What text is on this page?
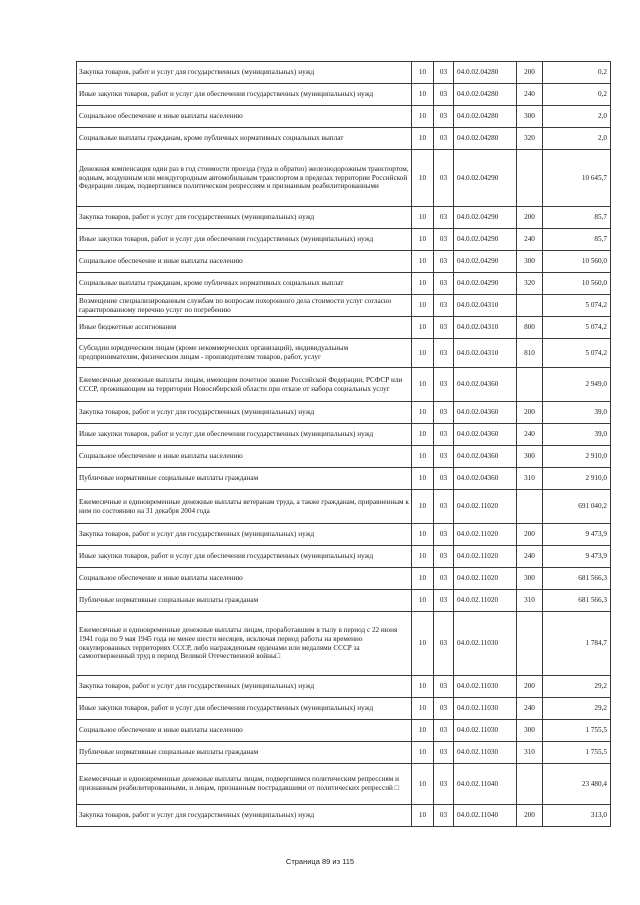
Закупка товаров, работ и услуг для государственных (муниципальных) нужд	10	03	04.0.02.04280	200	0,2
Иные закупки товаров, работ и услуг для обеспечения государственных (муниципальных) нужд	10	03	04.0.02.04280	240	0,2
Социальное обеспечение и иные выплаты населению	10	03	04.0.02.04280	300	2,0
Социальные выплаты гражданам, кроме публичных нормативных социальных выплат	10	03	04.0.02.04280	320	2,0
Денежная компенсация один раз в год стоимости проезда (туда и обратно) железнодорожным транспортом, водным, воздушным или междугородным автомобильным транспортом в пределах территории Российской Федерации лицам, подвергшимся политическим репрессиям и признанным реабилитированными	10	03	04.0.02.04290		10 645,7
Закупка товаров, работ и услуг для государственных (муниципальных) нужд	10	03	04.0.02.04290	200	85,7
Иные закупки товаров, работ и услуг для обеспечения государственных (муниципальных) нужд	10	03	04.0.02.04290	240	85,7
Социальное обеспечение и иные выплаты населению	10	03	04.0.02.04290	300	10 560,0
Социальные выплаты гражданам, кроме публичных нормативных социальных выплат	10	03	04.0.02.04290	320	10 560,0
Возмещение специализированным службам по вопросам похоронного дела стоимости услуг согласно гарантированному перечню услуг по погребению	10	03	04.0.02.04310		5 074,2
Иные бюджетные ассигнования	10	03	04.0.02.04310	800	5 074,2
Субсидии юридическим лицам (кроме некоммерческих организаций), индивидуальным предпринимателям, физическим лицам - производителям товаров, работ, услуг	10	03	04.0.02.04310	810	5 074,2
Ежемесячные денежные выплаты лицам, имеющим почетное звание Российской Федерации, РСФСР или СССР, проживающим на территории Новосибирской области при отказе от набора социальных услуг	10	03	04.0.02.04360		2 949,0
Закупка товаров, работ и услуг для государственных (муниципальных) нужд	10	03	04.0.02.04360	200	39,0
Иные закупки товаров, работ и услуг для обеспечения государственных (муниципальных) нужд	10	03	04.0.02.04360	240	39,0
Социальное обеспечение и иные выплаты населению	10	03	04.0.02.04360	300	2 910,0
Публичные нормативные социальные выплаты гражданам	10	03	04.0.02.04360	310	2 910,0
Ежемесячные и единовременные денежные выплаты ветеранам труда, а также гражданам, приравненным к ним по состоянию на 31 декабря 2004 года	10	03	04.0.02.11020		691 040,2
Закупка товаров, работ и услуг для государственных (муниципальных) нужд	10	03	04.0.02.11020	200	9 473,9
Иные закупки товаров, работ и услуг для обеспечения государственных (муниципальных) нужд	10	03	04.0.02.11020	240	9 473,9
Социальное обеспечение и иные выплаты населению	10	03	04.0.02.11020	300	681 566,3
Публичные нормативные социальные выплаты гражданам	10	03	04.0.02.11020	310	681 566,3
Ежемесячные и единовременные денежные выплаты лицам, проработавшим в тылу в период с 22 июня 1941 года по 9 мая 1945 года не менее шести месяцев, исключая период работы на временно оккупированных территориях СССР, либо награжденным орденами или медалями СССР за самоотверженный труд в период Великой Отечественной войны□	10	03	04.0.02.11030		1 784,7
Закупка товаров, работ и услуг для государственных (муниципальных) нужд	10	03	04.0.02.11030	200	29,2
Иные закупки товаров, работ и услуг для обеспечения государственных (муниципальных) нужд	10	03	04.0.02.11030	240	29,2
Социальное обеспечение и иные выплаты населению	10	03	04.0.02.11030	300	1 755,5
Публичные нормативные социальные выплаты гражданам	10	03	04.0.02.11030	310	1 755,5
Ежемесячные и единовременные денежные выплаты лицам, подвергшимся политическим репрессиям и признанным реабилитированными, и лицам, признанным пострадавшими от политических репрессий □	10	03	04.0.02.11040		23 480,4
Закупка товаров, работ и услуг для государственных (муниципальных) нужд	10	03	04.0.02.11040	200	313,0
Страница 89 из 115
